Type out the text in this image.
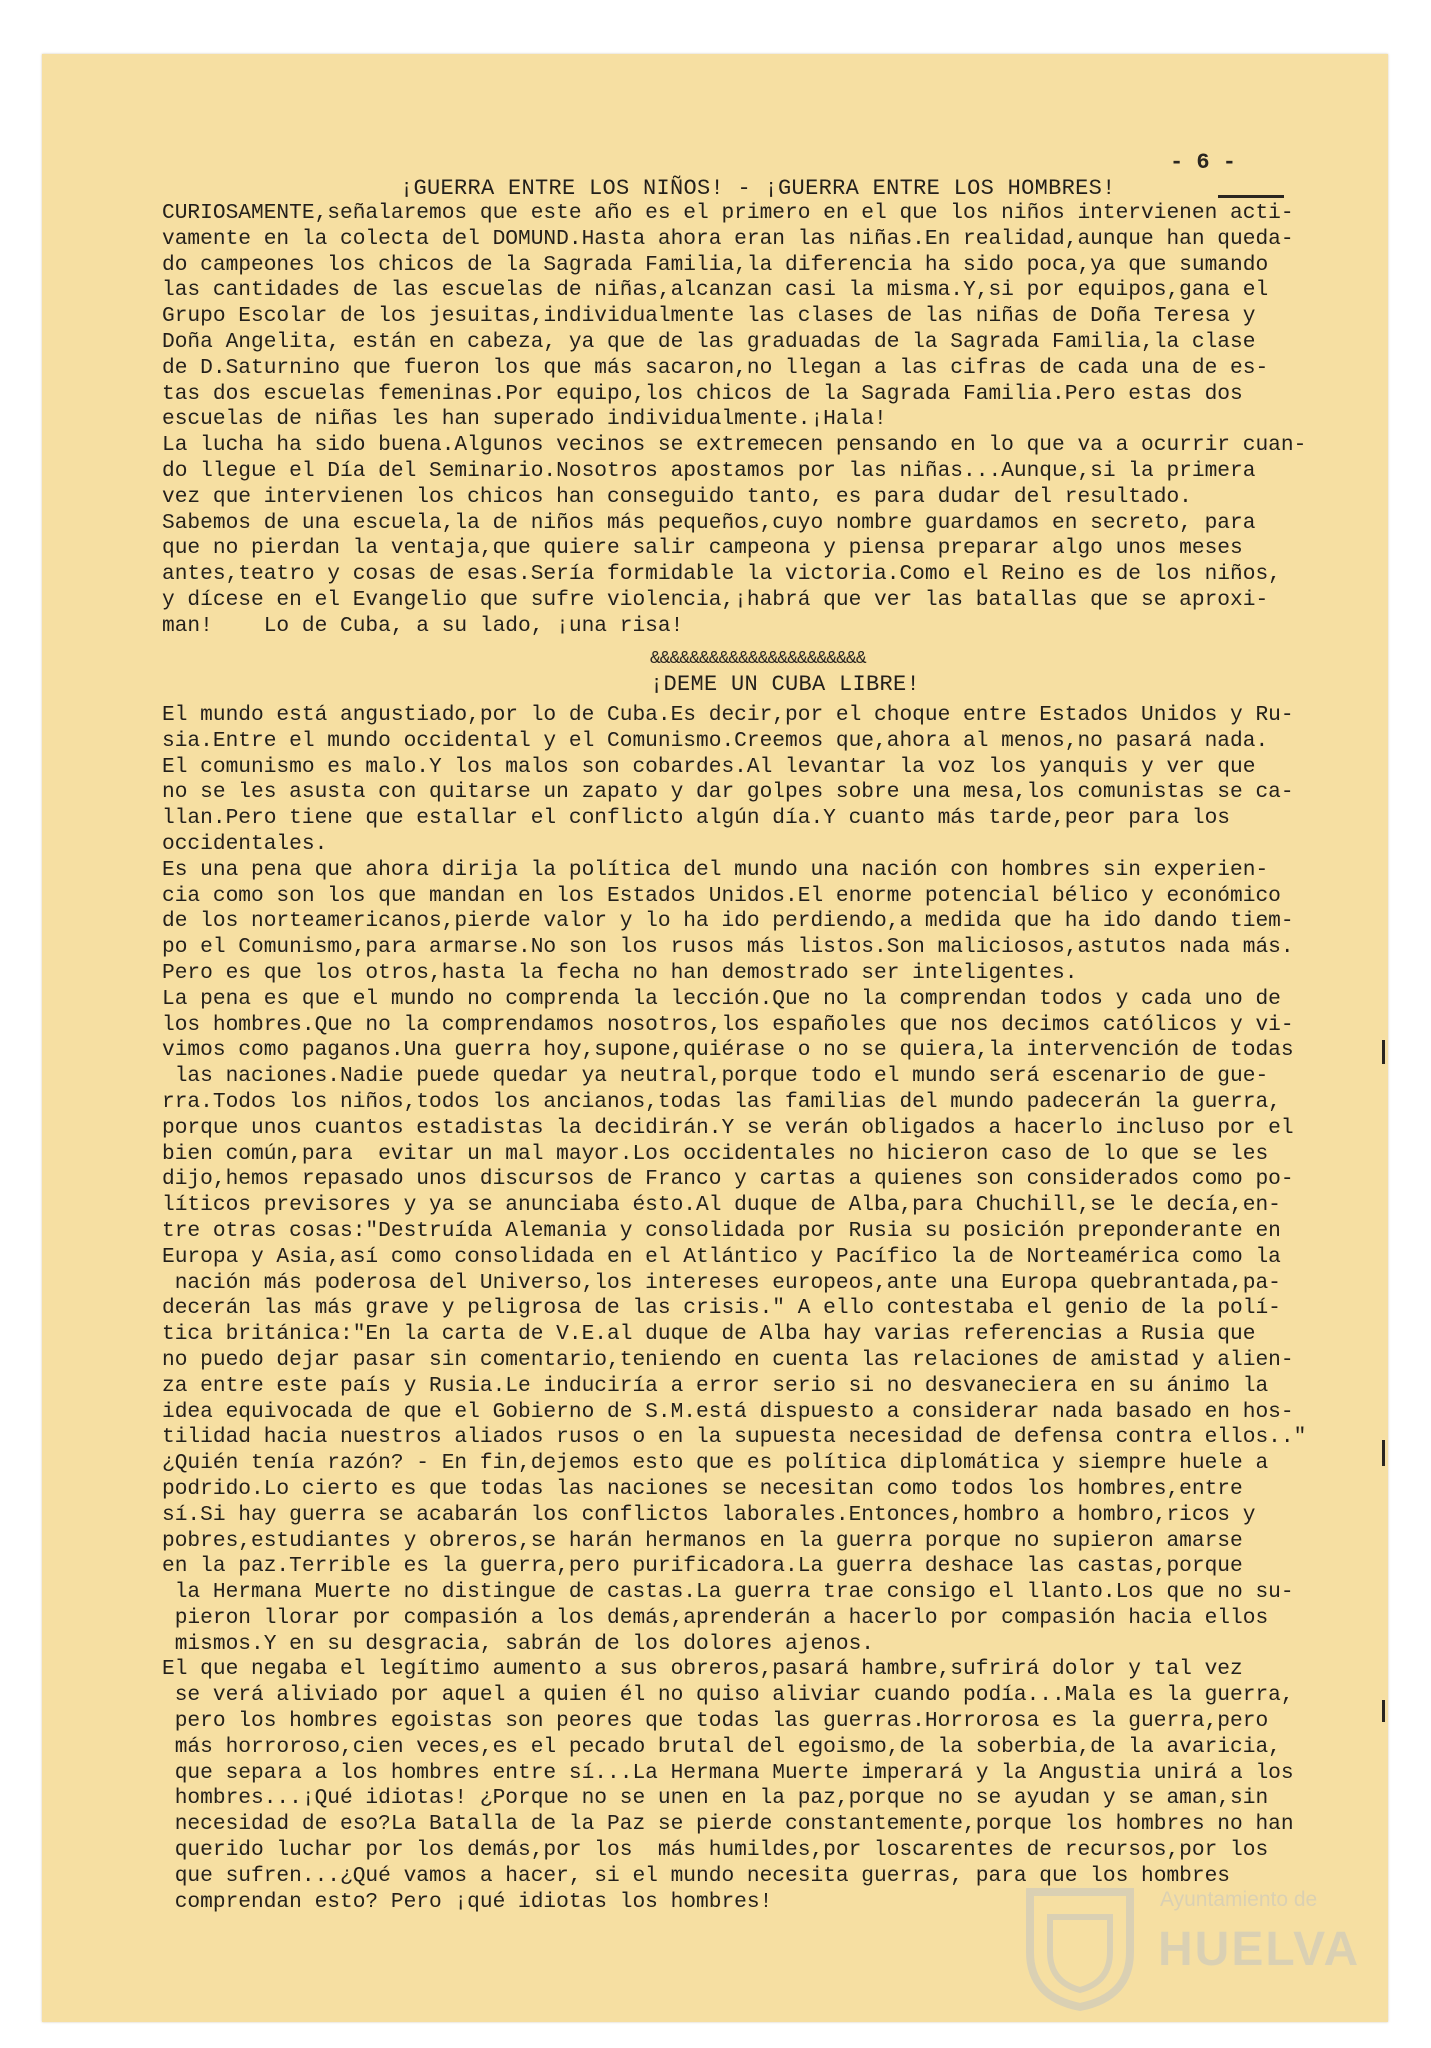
- 6 -
¡GUERRA ENTRE LOS NIÑOS! - ¡GUERRA ENTRE LOS HOMBRES!
CURIOSAMENTE,señalaremos que este año es el primero en el que los niños intervienen acti-
vamente en la colecta del DOMUND.Hasta ahora eran las niñas.En realidad,aunque han queda-
do campeones los chicos de la Sagrada Familia,la diferencia ha sido poca,ya que sumando
las cantidades de las escuelas de niñas,alcanzan casi la misma.Y,si por equipos,gana el
Grupo Escolar de los jesuitas,individualmente las clases de las niñas de Doña Teresa y
Doña Angelita, están en cabeza, ya que de las graduadas de la Sagrada Familia,la clase
de D.Saturnino que fueron los que más sacaron,no llegan a las cifras de cada una de es-
tas dos escuelas femeninas.Por equipo,los chicos de la Sagrada Familia.Pero estas dos
escuelas de niñas les han superado individualmente.¡Hala!
La lucha ha sido buena.Algunos vecinos se extremecen pensando en lo que va a ocurrir cuan-
do llegue el Día del Seminario.Nosotros apostamos por las niñas...Aunque,si la primera
vez que intervienen los chicos han conseguido tanto, es para dudar del resultado.
Sabemos de una escuela,la de niños más pequeños,cuyo nombre guardamos en secreto, para
que no pierdan la ventaja,que quiere salir campeona y piensa preparar algo unos meses
antes,teatro y cosas de esas.Sería formidable la victoria.Como el Reino es de los niños,
y dícese en el Evangelio que sufre violencia,¡habrá que ver las batallas que se aproxi-
man!    Lo de Cuba, a su lado, ¡una risa!
&&&&&&&&&&&&&&&&&&&&&&
¡DEME UN CUBA LIBRE!
El mundo está angustiado,por lo de Cuba.Es decir,por el choque entre Estados Unidos y Ru-
sia.Entre el mundo occidental y el Comunismo.Creemos que,ahora al menos,no pasará nada.
El comunismo es malo.Y los malos son cobardes.Al levantar la voz los yanquis y ver que
no se les asusta con quitarse un zapato y dar golpes sobre una mesa,los comunistas se ca-
llan.Pero tiene que estallar el conflicto algún día.Y cuanto más tarde,peor para los
occidentales.
Es una pena que ahora dirija la política del mundo una nación con hombres sin experien-
cia como son los que mandan en los Estados Unidos.El enorme potencial bélico y económico
de los norteamericanos,pierde valor y lo ha ido perdiendo,a medida que ha ido dando tiem-
po el Comunismo,para armarse.No son los rusos más listos.Son maliciosos,astutos nada más.
Pero es que los otros,hasta la fecha no han demostrado ser inteligentes.
La pena es que el mundo no comprenda la lección.Que no la comprendan todos y cada uno de
los hombres.Que no la comprendamos nosotros,los españoles que nos decimos católicos y vi-
vimos como paganos.Una guerra hoy,supone,quiérase o no se quiera,la intervención de todas
las naciones.Nadie puede quedar ya neutral,porque todo el mundo será escenario de gue-
rra.Todos los niños,todos los ancianos,todas las familias del mundo padecerán la guerra,
porque unos cuantos estadistas la decidirán.Y se verán obligados a hacerlo incluso por el
bien común,para  evitar un mal mayor.Los occidentales no hicieron caso de lo que se les
dijo,hemos repasado unos discursos de Franco y cartas a quienes son considerados como po-
líticos previsores y ya se anunciaba ésto.Al duque de Alba,para Chuchill,se le decía,en-
tre otras cosas:"Destruída Alemania y consolidada por Rusia su posición preponderante en
Europa y Asia,así como consolidada en el Atlántico y Pacífico la de Norteamérica como la
nación más poderosa del Universo,los intereses europeos,ante una Europa quebrantada,pa-
decerán las más grave y peligrosa de las crisis." A ello contestaba el genio de la polí-
tica británica:"En la carta de V.E.al duque de Alba hay varias referencias a Rusia que
no puedo dejar pasar sin comentario,teniendo en cuenta las relaciones de amistad y alien-
za entre este país y Rusia.Le induciría a error serio si no desvaneciera en su ánimo la
idea equivocada de que el Gobierno de S.M.está dispuesto a considerar nada basado en hos-
tilidad hacia nuestros aliados rusos o en la supuesta necesidad de defensa contra ellos.."
¿Quién tenía razón? - En fin,dejemos esto que es política diplomática y siempre huele a
podrido.Lo cierto es que todas las naciones se necesitan como todos los hombres,entre
sí.Si hay guerra se acabarán los conflictos laborales.Entonces,hombro a hombro,ricos y
pobres,estudiantes y obreros,se harán hermanos en la guerra porque no supieron amarse
en la paz.Terrible es la guerra,pero purificadora.La guerra deshace las castas,porque
la Hermana Muerte no distingue de castas.La guerra trae consigo el llanto.Los que no su-
pieron llorar por compasión a los demás,aprenderán a hacerlo por compasión hacia ellos
mismos.Y en su desgracia, sabrán de los dolores ajenos.
El que negaba el legítimo aumento a sus obreros,pasará hambre,sufrirá dolor y tal vez
se verá aliviado por aquel a quien él no quiso aliviar cuando podía...Mala es la guerra,
pero los hombres egoistas son peores que todas las guerras.Horrorosa es la guerra,pero
más horroroso,cien veces,es el pecado brutal del egoismo,de la soberbia,de la avaricia,
que separa a los hombres entre sí...La Hermana Muerte imperará y la Angustia unirá a los
hombres...¡Qué idiotas! ¿Porque no se unen en la paz,porque no se ayudan y se aman,sin
necesidad de eso?La Batalla de la Paz se pierde constantemente,porque los hombres no han
querido luchar por los demás,por los  más humildes,por loscarentes de recursos,por los
que sufren...¿Qué vamos a hacer, si el mundo necesita guerras, para que los hombres
comprendan esto? Pero ¡qué idiotas los hombres!	Ayuntamiento de
HUELVA
